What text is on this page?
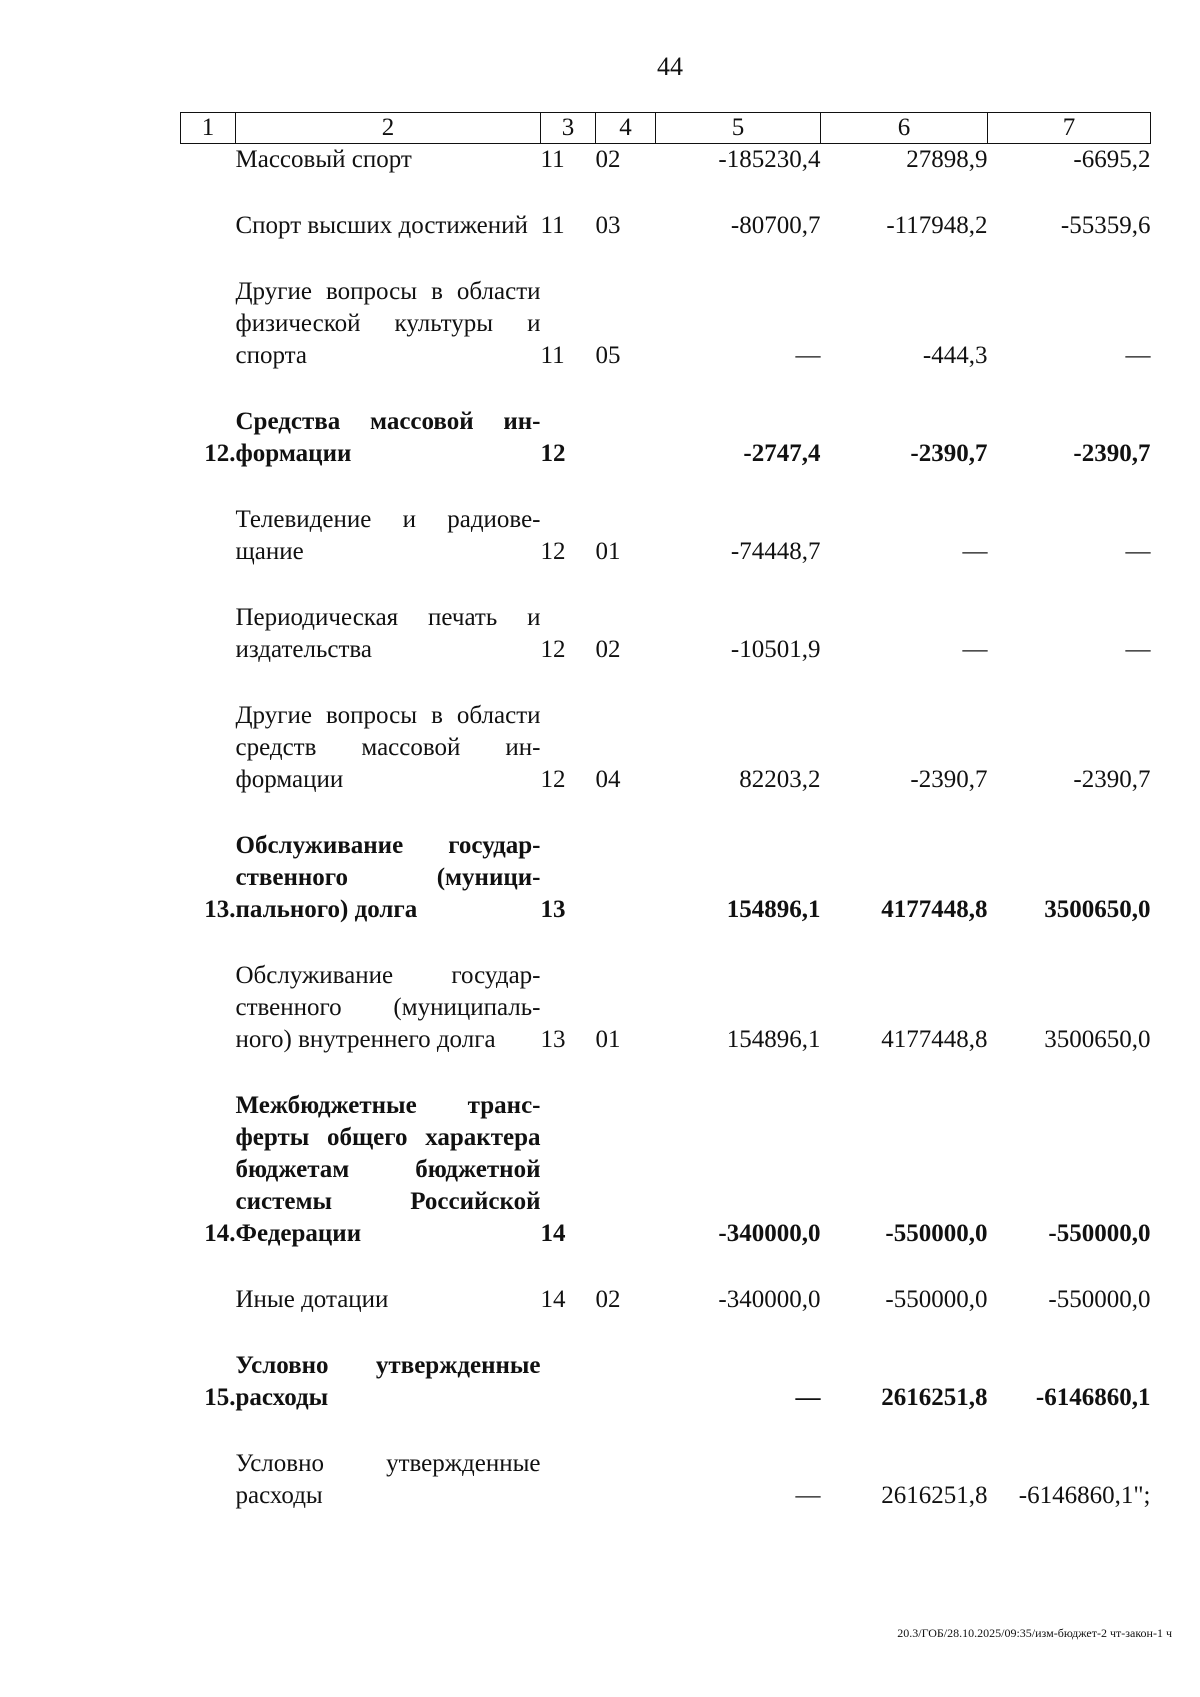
44
1	2	3	4	5	6	7
	Массовый спорт	11	02	-185230,4	27898,9	-6695,2

	Спорт высших достижений	11	03	-80700,7	-117948,2	-55359,6

	Другие вопросы в области физической культуры и спорта	11	05	—	-444,3	—

12.	Средства массовой информации	12		-2747,4	-2390,7	-2390,7

	Телевидение и радиовещание	12	01	-74448,7	—	—

	Периодическая печать и издательства	12	02	-10501,9	—	—

	Другие вопросы в области средств массовой информации	12	04	82203,2	-2390,7	-2390,7

13.	Обслуживание государственного (муниципального) долга	13		154896,1	4177448,8	3500650,0

	Обслуживание государственного (муниципального) внутреннего долга	13	01	154896,1	4177448,8	3500650,0

14.	Межбюджетные трансферты общего характера бюджетам бюджетной системы Российской Федерации	14		-340000,0	-550000,0	-550000,0

	Иные дотации	14	02	-340000,0	-550000,0	-550000,0

15.	Условно утвержденные расходы			—	2616251,8	-6146860,1

	Условно утвержденные расходы			—	2616251,8	-6146860,1";
20.3/ГОБ/28.10.2025/09:35/изм-бюджет-2 чт-закон-1 ч
